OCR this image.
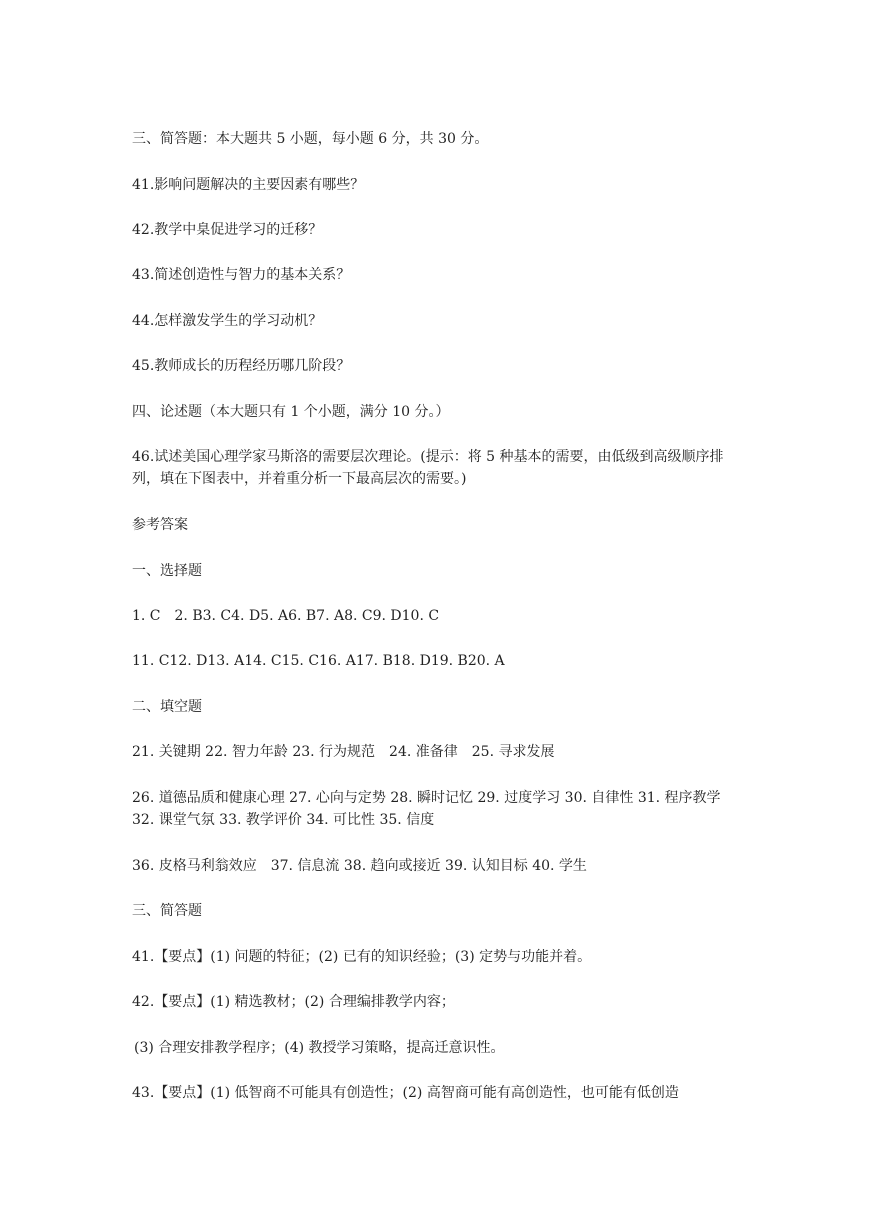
三、简答题：本大题共 5 小题，每小题 6 分，共 30 分。

41.影响问题解决的主要因素有哪些？

42.教学中臬促进学习的迁移？

43.简述创造性与智力的基本关系？

44.怎样激发学生的学习动机？

45.教师成长的历程经历哪几阶段？

四、论述题（本大题只有 1 个小题，满分 10 分。）

46.试述美国心理学家马斯洛的需要层次理论。(提示：将 5 种基本的需要，由低级到高级顺序排列，填在下图表中，并着重分析一下最高层次的需要。)

参考答案

一、选择题

1. C　2. B3. C4. D5. A6. B7. A8. C9. D10. C

11. C12. D13. A14. C15. C16. A17. B18. D19. B20. A

二、填空题

21. 关键期 22. 智力年龄 23. 行为规范　24. 准备律　25. 寻求发展

26. 道德品质和健康心理 27. 心向与定势 28. 瞬时记忆 29. 过度学习 30. 自律性 31. 程序教学　32. 课堂气氛 33. 教学评价 34. 可比性 35. 信度

36. 皮格马利翁效应　37. 信息流 38. 趋向或接近 39. 认知目标 40. 学生

三、简答题

41.【要点】(1) 问题的特征；(2) 已有的知识经验；(3) 定势与功能并着。

42.【要点】(1) 精选教材；(2) 合理编排教学内容；

(3) 合理安排教学程序；(4) 教授学习策略，提高迁意识性。

43.【要点】(1) 低智商不可能具有创造性；(2) 高智商可能有高创造性，也可能有低创造
